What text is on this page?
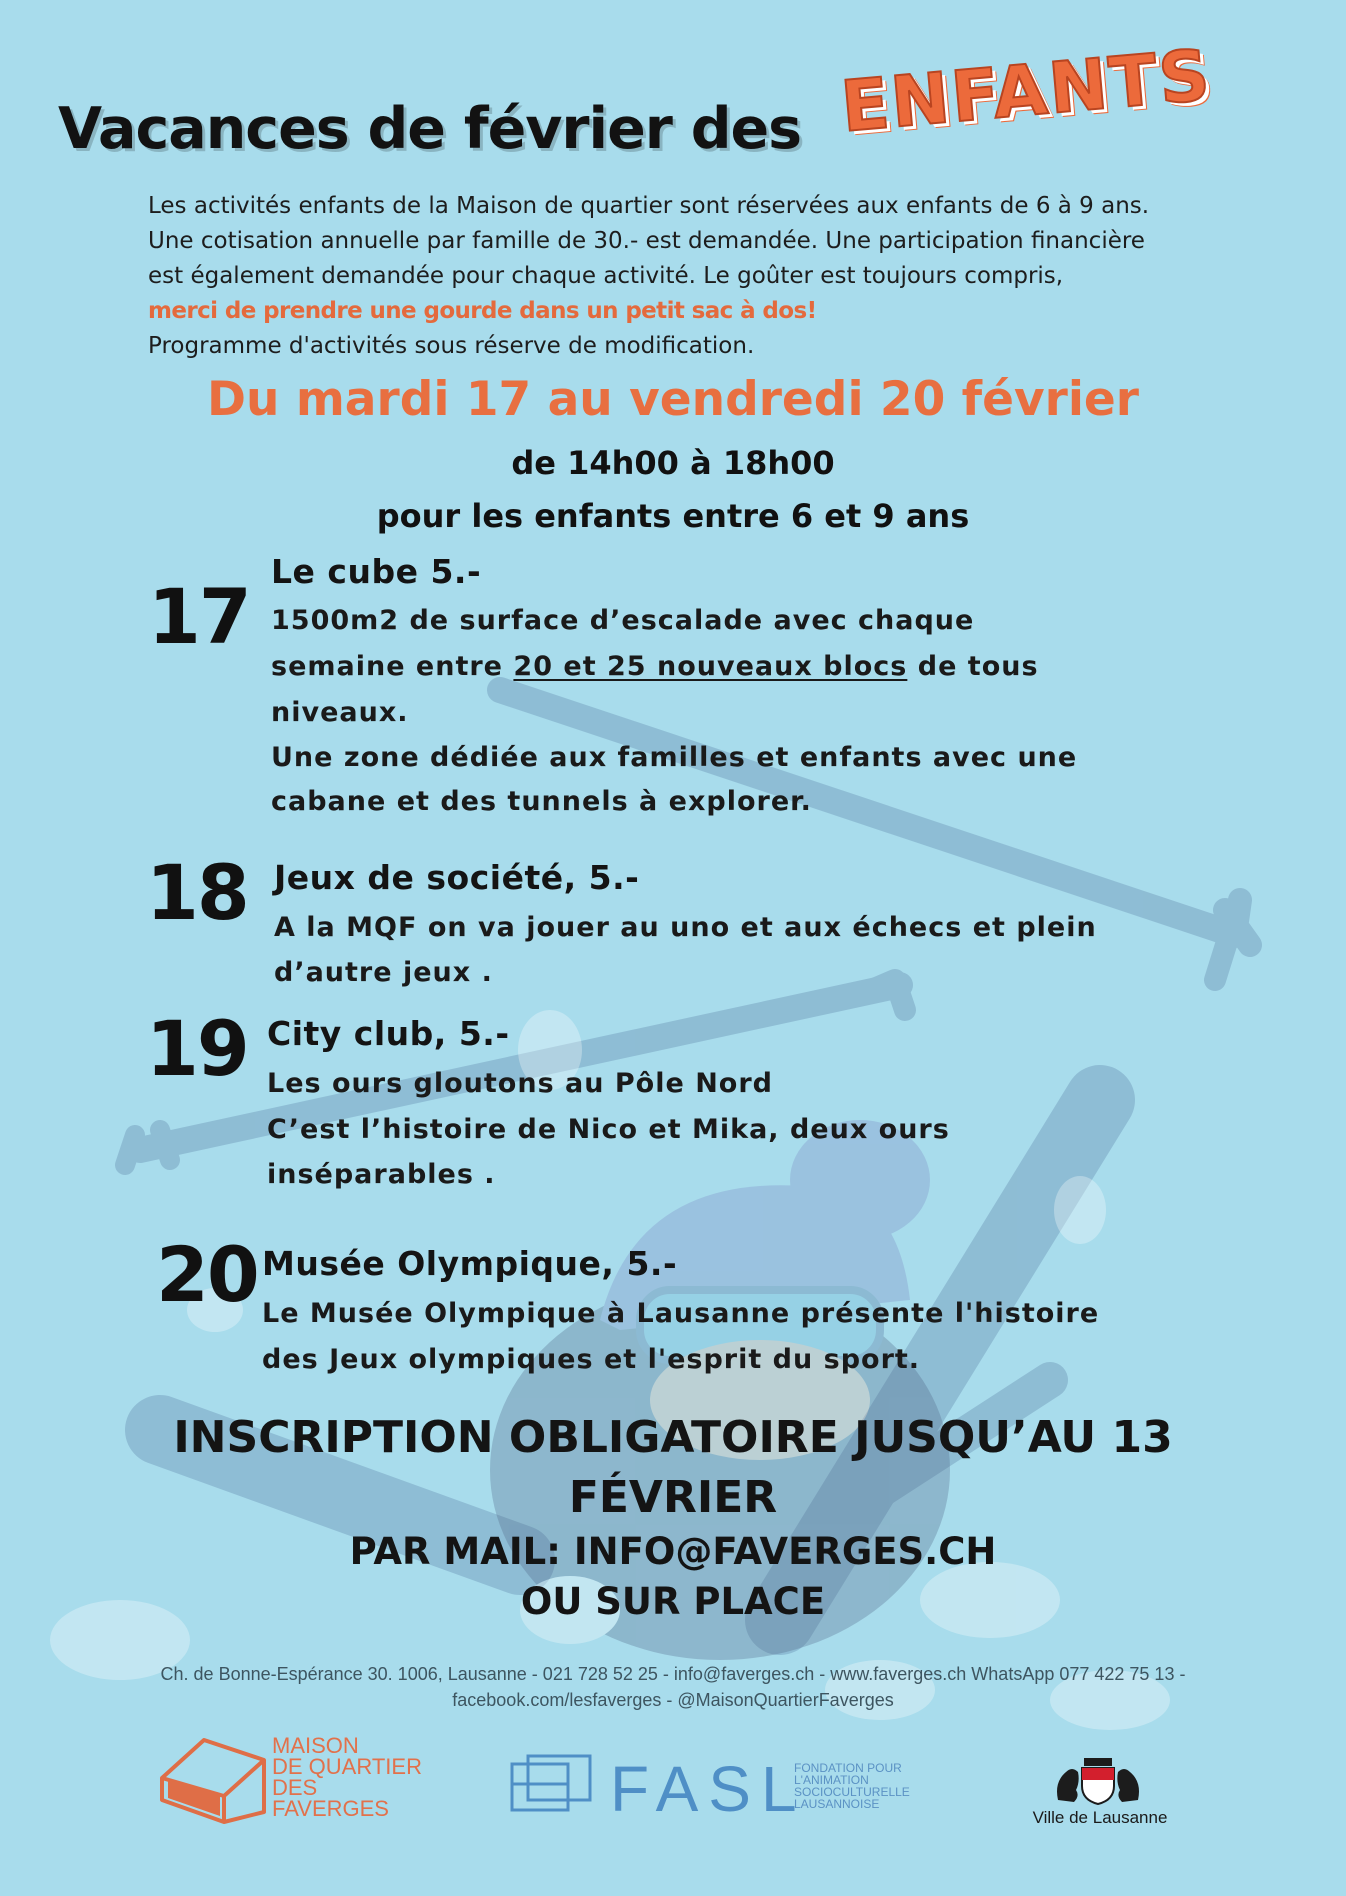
Vacances de février des ENFANTS
Les activités enfants de la Maison de quartier sont réservées aux enfants de 6 à 9 ans.
Une cotisation annuelle par famille de 30.- est demandée. Une participation financière
est également demandée pour chaque activité. Le goûter est toujours compris,
merci de prendre une gourde dans un petit sac à dos!
Programme d'activités sous réserve de modification.
Du mardi 17 au vendredi 20 février
de 14h00 à 18h00
pour les enfants entre 6 et 9 ans
17
Le cube 5.-
1500m2 de surface d’escalade avec chaque
semaine entre 20 et 25 nouveaux blocs de tous
niveaux.
Une zone dédiée aux familles et enfants avec une
cabane et des tunnels à explorer.
18 Jeux de société, 5.-
A la MQF on va jouer au uno et aux échecs et plein
d’autre jeux .
19 City club, 5.-
Les ours gloutons au Pôle Nord
C’est l’histoire de Nico et Mika, deux ours
inséparables .
20 Musée Olympique, 5.-
Le Musée Olympique à Lausanne présente l'histoire
des Jeux olympiques et l'esprit du sport.
INSCRIPTION OBLIGATOIRE JUSQU’AU 13
FÉVRIER
PAR MAIL: INFO@FAVERGES.CH
OU SUR PLACE
Ch. de Bonne-Espérance 30. 1006, Lausanne - 021 728 52 25 - info@faverges.ch - www.faverges.ch WhatsApp 077 422 75 13 -
facebook.com/lesfaverges - @MaisonQuartierFaverges
MAISON
DE QUARTIER
DES
FAVERGES	FASL
FONDATION POUR
L'ANIMATION
SOCIOCULTURELLE
LAUSANNOISE
Ville de Lausanne
